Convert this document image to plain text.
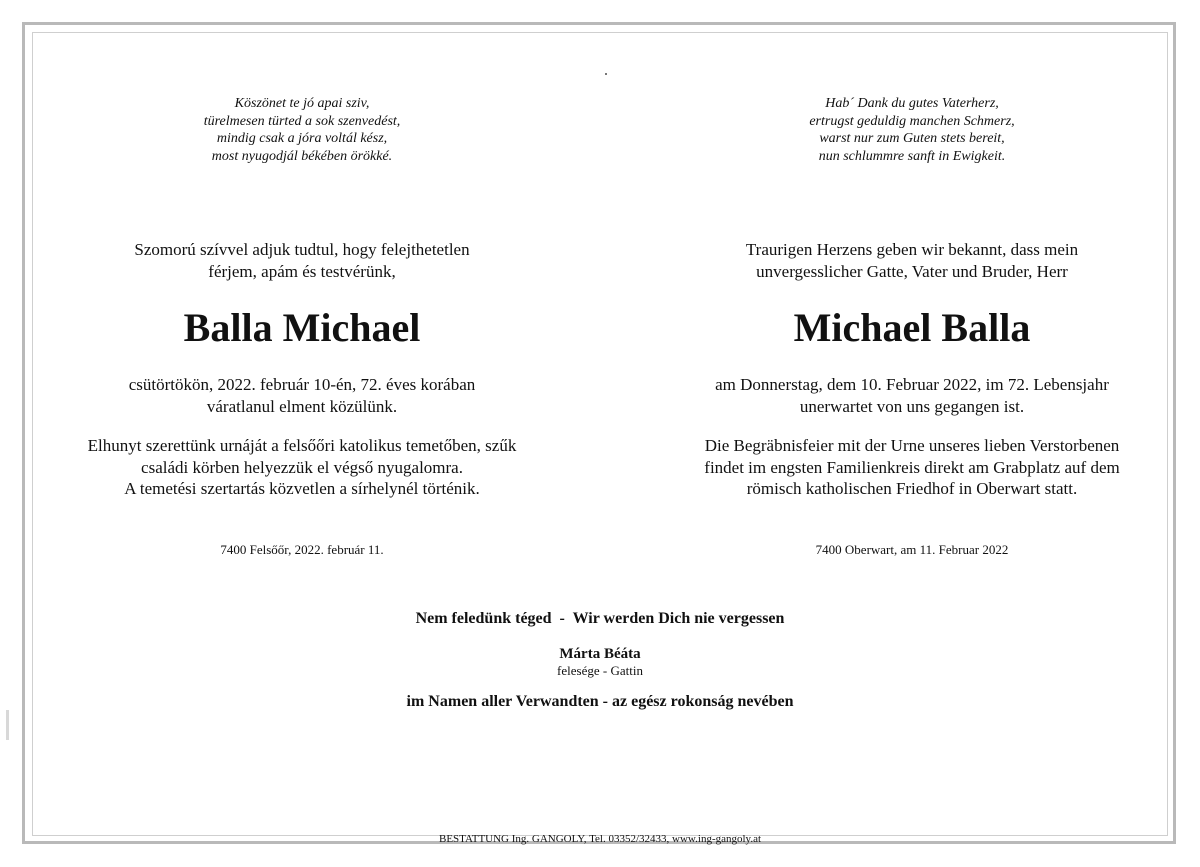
Köszönet te jó apai sziv,
türelmesen türted a sok szenvedést,
mindig csak a jóra voltál kész,
most nyugodjál békében örökké.
Szomorú szívvel adjuk tudtul, hogy felejthetetlen
férjem, apám és testvérünk,
Balla Michael
csütörtökön, 2022. február 10-én, 72. éves korában
váratlanul elment közülünk.
Elhunyt szerettünk urnáját a felsőőri katolikus temetőben, szűk
családi körben helyezzük el végső nyugalomra.
A temetési szertartás közvetlen a sírhelynél történik.
7400 Felsőőr, 2022. február 11.
Hab´ Dank du gutes Vaterherz,
ertrugst geduldig manchen Schmerz,
warst nur zum Guten stets bereit,
nun schlummre sanft in Ewigkeit.
Traurigen Herzens geben wir bekannt, dass mein
unvergesslicher Gatte, Vater und Bruder, Herr
Michael Balla
am Donnerstag, dem 10. Februar 2022, im 72. Lebensjahr
unerwartet von uns gegangen ist.
Die Begräbnisfeier mit der Urne unseres lieben Verstorbenen
findet im engsten Familienkreis direkt am Grabplatz auf dem
römisch katholischen Friedhof in Oberwart statt.
7400 Oberwart, am 11. Februar 2022
Nem feledünk téged  -  Wir werden Dich nie vergessen
Márta Béáta
felesége - Gattin
im Namen aller Verwandten - az egész rokonság nevében
BESTATTUNG Ing. GANGOLY, Tel. 03352/32433, www.ing-gangoly.at
